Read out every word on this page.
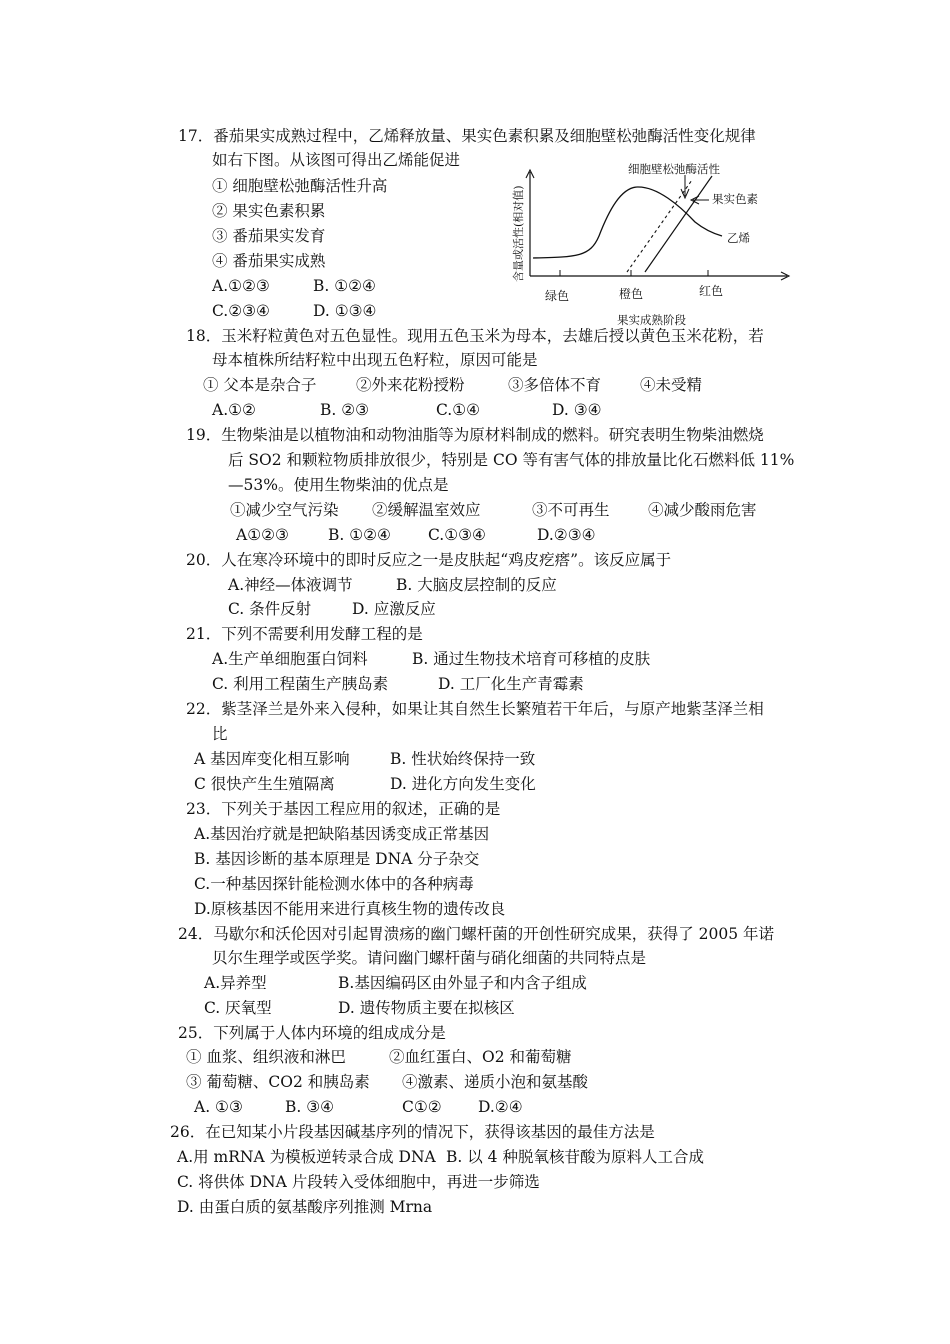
17．番茄果实成熟过程中，乙烯释放量、果实色素积累及细胞壁松弛酶活性变化规律
如右下图。从该图可得出乙烯能促进
① 细胞壁松弛酶活性升高
② 果实色素积累
③ 番茄果实发育
④ 番茄果实成熟
A.①②③	B. ①②④
C.②③④	D. ①③④
含量或活性(相对值)
细胞壁松弛酶活性
果实色素
乙烯
绿色	橙色	红色
果实成熟阶段
18．玉米籽粒黄色对五色显性。现用五色玉米为母本，去雄后授以黄色玉米花粉，若
母本植株所结籽粒中出现五色籽粒，原因可能是
① 父本是杂合子	②外来花粉授粉	③多倍体不育	④未受精
A.①②	B. ②③	C.①④	D. ③④
19．生物柴油是以植物油和动物油脂等为原材料制成的燃料。研究表明生物柴油燃烧
后 SO2 和颗粒物质排放很少，特别是 CO 等有害气体的排放量比化石燃料低 11%
—53%。使用生物柴油的优点是
①减少空气污染 ②缓解温室效应	③不可再生 ④减少酸雨危害
A①②③	B. ①②④ C.①③④	D.②③④
20．人在寒冷环境中的即时反应之一是皮肤起“鸡皮疙瘩”。该反应属于
A.神经—体液调节	B. 大脑皮层控制的反应
C. 条件反射	D. 应激反应
21．下列不需要利用发酵工程的是
A.生产单细胞蛋白饲料	B. 通过生物技术培育可移植的皮肤
C. 利用工程菌生产胰岛素	D. 工厂化生产青霉素
22．紫茎泽兰是外来入侵种，如果让其自然生长繁殖若干年后，与原产地紫茎泽兰相
比
A 基因库变化相互影响	B. 性状始终保持一致
C 很快产生生殖隔离	D. 进化方向发生变化
23．下列关于基因工程应用的叙述，正确的是
A.基因治疗就是把缺陷基因诱变成正常基因
B. 基因诊断的基本原理是 DNA 分子杂交
C.一种基因探针能检测水体中的各种病毒
D.原核基因不能用来进行真核生物的遗传改良
24．马歇尔和沃伦因对引起胃溃疡的幽门螺杆菌的开创性研究成果，获得了 2005 年诺
贝尔生理学或医学奖。请问幽门螺杆菌与硝化细菌的共同特点是
A.异养型	B.基因编码区由外显子和内含子组成
C. 厌氧型	D. 遗传物质主要在拟核区
25．下列属于人体内环境的组成成分是
① 血浆、组织液和淋巴	②血红蛋白、O2 和葡萄糖
③ 葡萄糖、CO2 和胰岛素 ④激素、递质小泡和氨基酸
A. ①③	B. ③④	C①② D.②④
26．在已知某小片段基因碱基序列的情况下，获得该基因的最佳方法是
A.用 mRNA 为模板逆转录合成 DNA B. 以 4 种脱氧核苷酸为原料人工合成
C. 将供体 DNA 片段转入受体细胞中，再进一步筛选
D. 由蛋白质的氨基酸序列推测 Mrna
